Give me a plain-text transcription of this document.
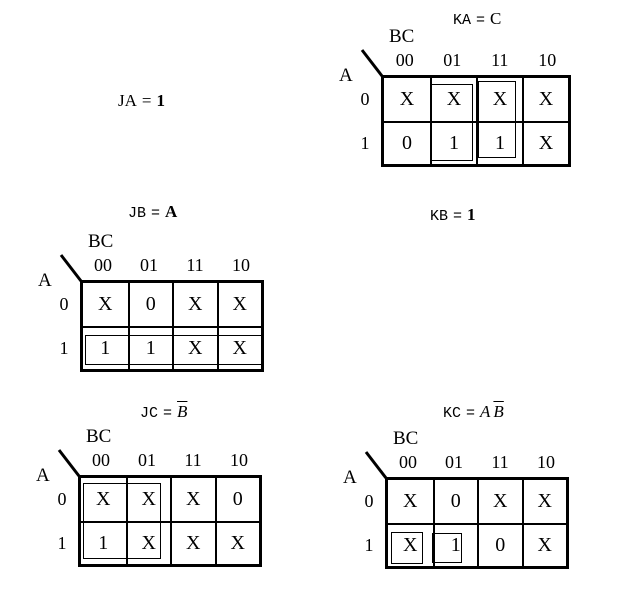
JA = 1
KB = 1
KA = C
BC
A
00	01	11	10
0
1
X	X	X	X
0	1	1	X
JB = A
BC
A
00	01	11	10
0
1
X	0	X	X
1	1	X	X
JC = $\overline{B}$
BC
A
00	01	11	10
0
1
X	X	X	0
1	X	X	X
KC = A $\overline{B}$
BC
A
00	01	11	10
0
1
X	0	X	X
X	1	0	X
